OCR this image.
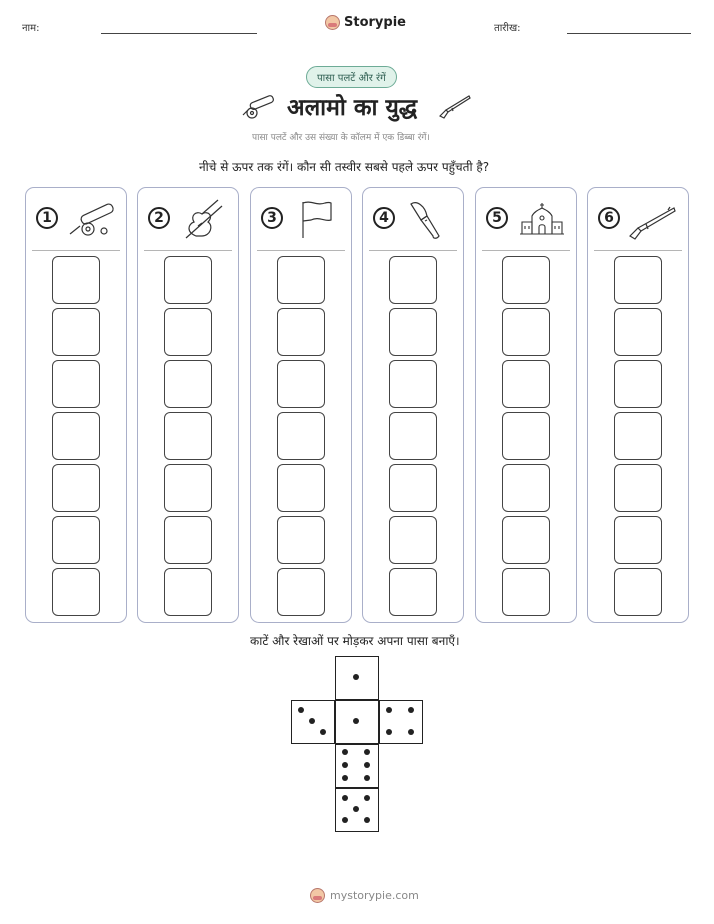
नाम:	Storypie	तारीख:
पासा पलटें और रंगें
अलामो का युद्ध
पासा पलटें और उस संख्या के कॉलम में एक डिब्बा रंगें।
नीचे से ऊपर तक रंगें। कौन सी तस्वीर सबसे पहले ऊपर पहुँचती है?
1	2	3	4	5	6
काटें और रेखाओं पर मोड़कर अपना पासा बनाएँ।
mystorypie.com
